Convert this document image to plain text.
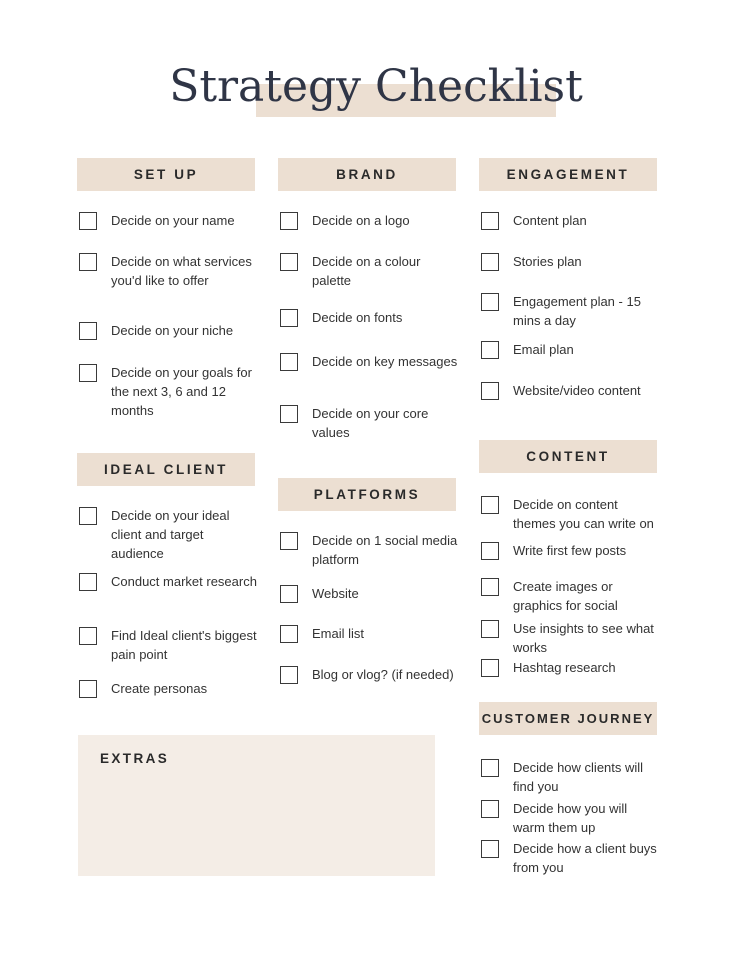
Strategy Checklist
SET UP
Decide on your name
Decide on what services you'd like to offer
Decide on your niche
Decide on your goals for the next 3, 6 and 12 months
BRAND
Decide on a logo
Decide on a colour palette
Decide on fonts
Decide on key messages
Decide on your core values
ENGAGEMENT
Content plan
Stories plan
Engagement plan - 15 mins a day
Email plan
Website/video content
IDEAL CLIENT
Decide on your ideal client and target audience
Conduct market research
Find Ideal client's biggest pain point
Create personas
PLATFORMS
Decide on 1 social media platform
Website
Email list
Blog or vlog? (if needed)
CONTENT
Decide on content themes you can write on
Write first few posts
Create images or graphics for social
Use insights to see what works
Hashtag research
CUSTOMER JOURNEY
Decide how clients will find you
Decide how you will warm them up
Decide how a client buys from you
EXTRAS
